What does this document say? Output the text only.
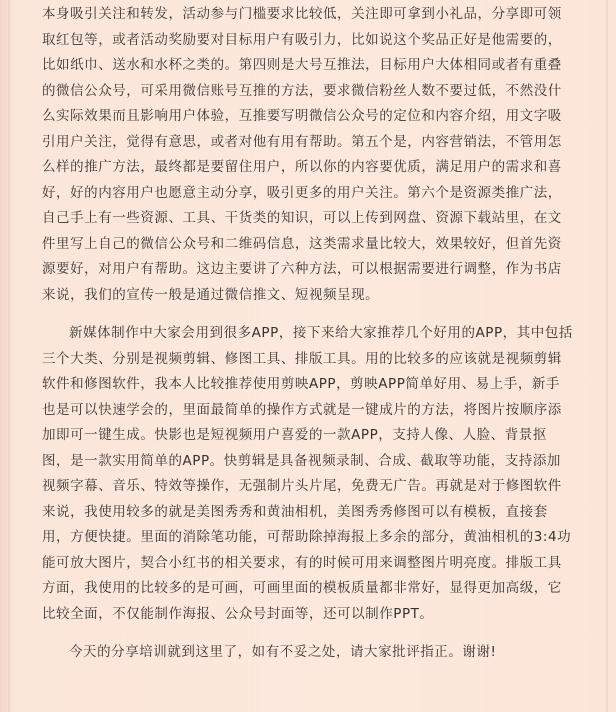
本身吸引关注和转发，活动参与门槛要求比较低，关注即可拿到小礼品，分享即可领
取红包等，或者活动奖励要对目标用户有吸引力，比如说这个奖品正好是他需要的，
比如纸巾、送水和水杯之类的。第四则是大号互推法，目标用户大体相同或者有重叠
的微信公众号，可采用微信账号互推的方法，要求微信粉丝人数不要过低，不然没什
么实际效果而且影响用户体验，互推要写明微信公众号的定位和内容介绍，用文字吸
引用户关注，觉得有意思，或者对他有用有帮助。第五个是，内容营销法，不管用怎
么样的推广方法，最终都是要留住用户，所以你的内容要优质，满足用户的需求和喜
好，好的内容用户也愿意主动分享，吸引更多的用户关注。第六个是资源类推广法，
自己手上有一些资源、工具、干货类的知识，可以上传到网盘、资源下载站里，在文
件里写上自己的微信公众号和二维码信息，这类需求量比较大，效果较好，但首先资
源要好，对用户有帮助。这边主要讲了六种方法，可以根据需要进行调整，作为书店
来说，我们的宣传一般是通过微信推文、短视频呈现。
新媒体制作中大家会用到很多APP，接下来给大家推荐几个好用的APP，其中包括
三个大类、分别是视频剪辑、修图工具、排版工具。用的比较多的应该就是视频剪辑
软件和修图软件，我本人比较推荐使用剪映APP，剪映APP简单好用、易上手，新手
也是可以快速学会的，里面最简单的操作方式就是一键成片的方法，将图片按顺序添
加即可一键生成。快影也是短视频用户喜爱的一款APP，支持人像、人脸、背景抠
图，是一款实用简单的APP。快剪辑是具备视频录制、合成、截取等功能，支持添加
视频字幕、音乐、特效等操作，无强制片头片尾，免费无广告。再就是对于修图软件
来说，我使用较多的就是美图秀秀和黄油相机，美图秀秀修图可以有模板，直接套
用，方便快捷。里面的消除笔功能，可帮助除掉海报上多余的部分，黄油相机的3:4功
能可放大图片，契合小红书的相关要求，有的时候可用来调整图片明亮度。排版工具
方面，我使用的比较多的是可画，可画里面的模板质量都非常好，显得更加高级，它
比较全面，不仅能制作海报、公众号封面等，还可以制作PPT。
今天的分享培训就到这里了，如有不妥之处，请大家批评指正。谢谢!
